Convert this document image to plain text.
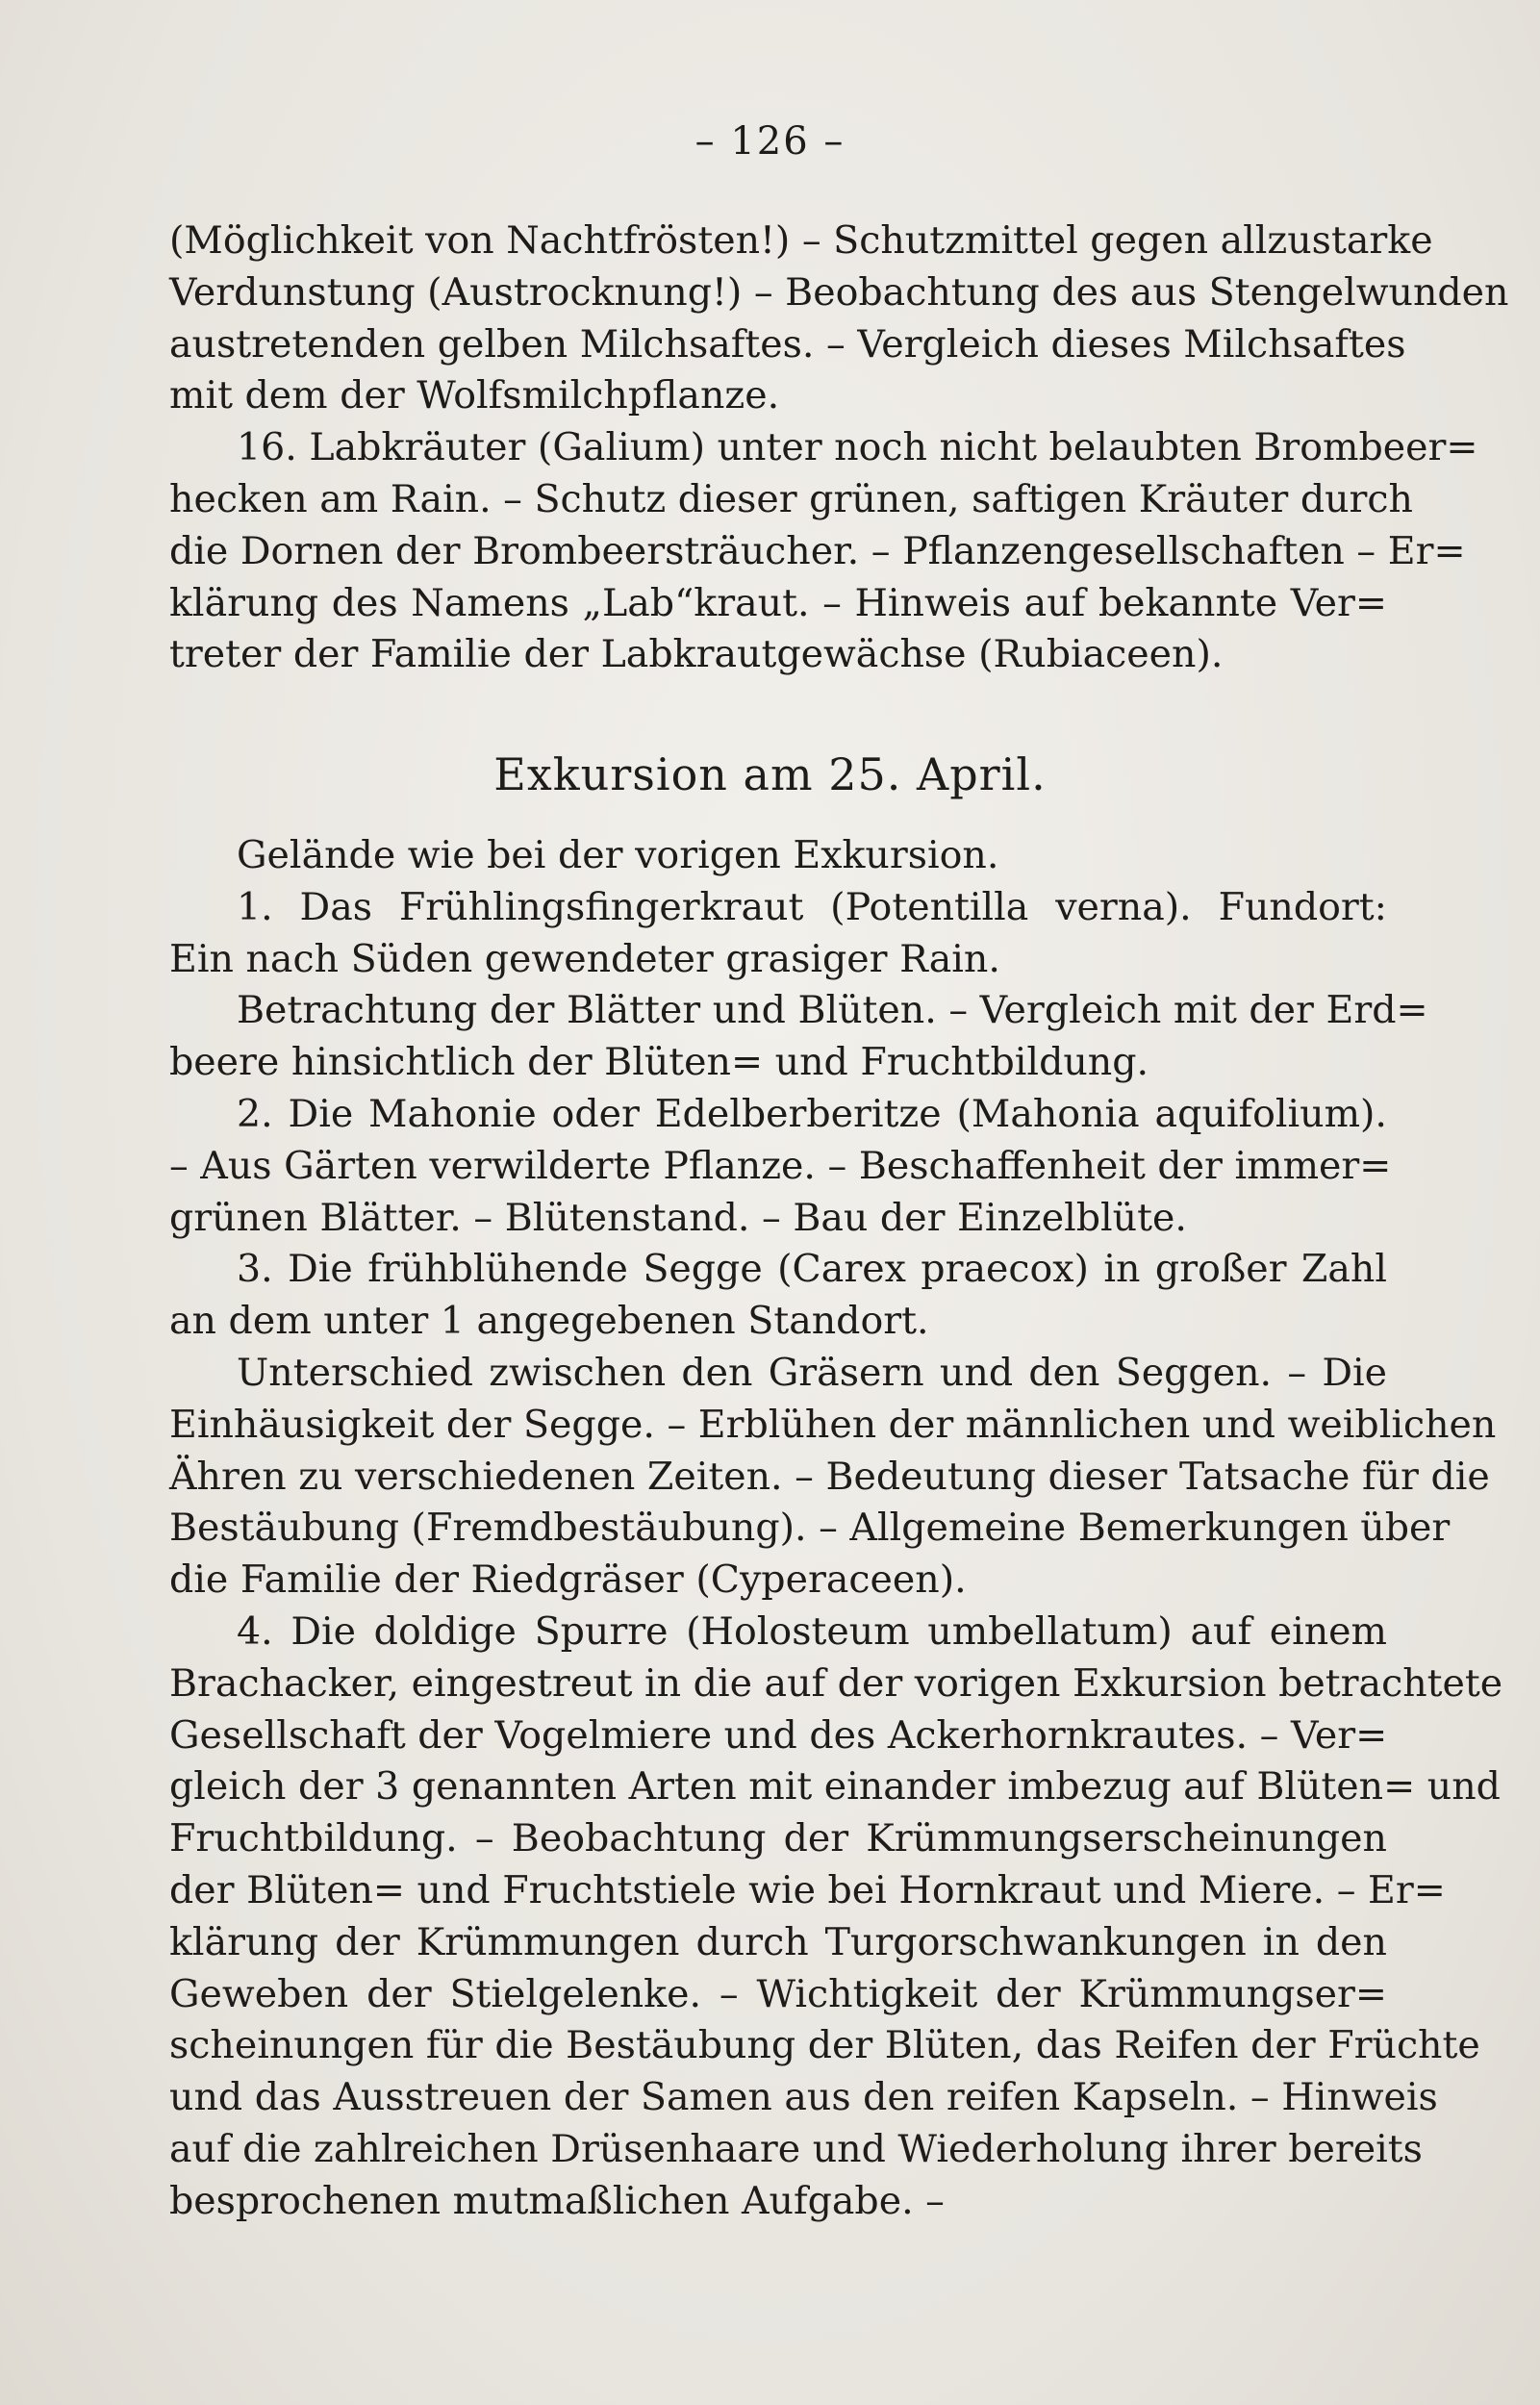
– 126 –
(Möglichkeit von Nachtfrösten!) – Schutzmittel gegen allzustarke
Verdunstung (Austrocknung!) – Beobachtung des aus Stengelwunden
austretenden gelben Milchsaftes. – Vergleich dieses Milchsaftes
mit dem der Wolfsmilchpflanze.
16. Labkräuter (Galium) unter noch nicht belaubten Brombeer=
hecken am Rain. – Schutz dieser grünen, saftigen Kräuter durch
die Dornen der Brombeersträucher. – Pflanzengesellschaften – Er=
klärung des Namens „Lab“kraut. – Hinweis auf bekannte Ver=
treter der Familie der Labkrautgewächse (Rubiaceen).
Exkursion am 25. April.
Gelände wie bei der vorigen Exkursion.
1. Das Frühlingsfingerkraut (Potentilla verna). Fundort:
Ein nach Süden gewendeter grasiger Rain.
Betrachtung der Blätter und Blüten. – Vergleich mit der Erd=
beere hinsichtlich der Blüten= und Fruchtbildung.
2. Die Mahonie oder Edelberberitze (Mahonia aquifolium).
– Aus Gärten verwilderte Pflanze. – Beschaffenheit der immer=
grünen Blätter. – Blütenstand. – Bau der Einzelblüte.
3. Die frühblühende Segge (Carex praecox) in großer Zahl
an dem unter 1 angegebenen Standort.
Unterschied zwischen den Gräsern und den Seggen. – Die
Einhäusigkeit der Segge. – Erblühen der männlichen und weiblichen
Ähren zu verschiedenen Zeiten. – Bedeutung dieser Tatsache für die
Bestäubung (Fremdbestäubung). – Allgemeine Bemerkungen über
die Familie der Riedgräser (Cyperaceen).
4. Die doldige Spurre (Holosteum umbellatum) auf einem
Brachacker, eingestreut in die auf der vorigen Exkursion betrachtete
Gesellschaft der Vogelmiere und des Ackerhornkrautes. – Ver=
gleich der 3 genannten Arten mit einander imbezug auf Blüten= und
Fruchtbildung. – Beobachtung der Krümmungserscheinungen
der Blüten= und Fruchtstiele wie bei Hornkraut und Miere. – Er=
klärung der Krümmungen durch Turgorschwankungen in den
Geweben der Stielgelenke. – Wichtigkeit der Krümmungser=
scheinungen für die Bestäubung der Blüten, das Reifen der Früchte
und das Ausstreuen der Samen aus den reifen Kapseln. – Hinweis
auf die zahlreichen Drüsenhaare und Wiederholung ihrer bereits
besprochenen mutmaßlichen Aufgabe. –
